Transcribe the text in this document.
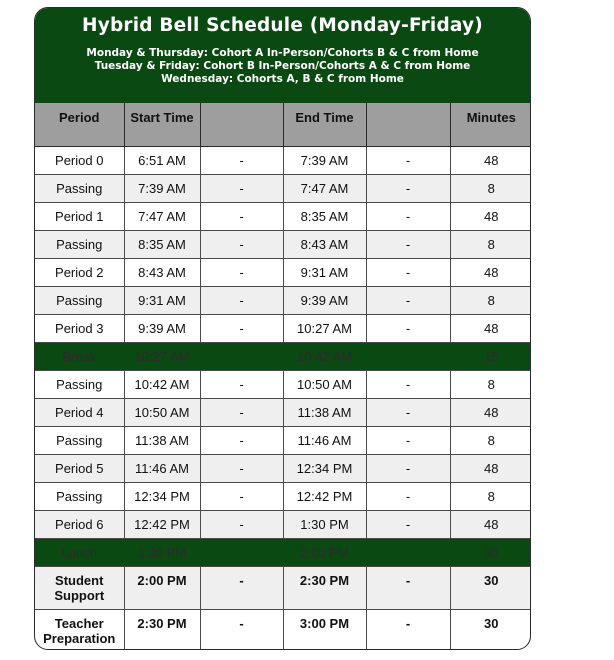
Hybrid Bell Schedule (Monday-Friday)
Monday & Thursday: Cohort A In-Person/Cohorts B & C from Home
Tuesday & Friday: Cohort B In-Person/Cohorts A & C from Home
Wednesday: Cohorts A, B & C from Home
Period	Start Time		End Time		Minutes
Period 0	6:51 AM	-	7:39 AM	-	48
Passing	7:39 AM	-	7:47 AM	-	8
Period 1	7:47 AM	-	8:35 AM	-	48
Passing	8:35 AM	-	8:43 AM	-	8
Period 2	8:43 AM	-	9:31 AM	-	48
Passing	9:31 AM	-	9:39 AM	-	8
Period 3	9:39 AM	-	10:27 AM	-	48
Break	10:27 AM	-	10:42 AM	-	15
Passing	10:42 AM	-	10:50 AM	-	8
Period 4	10:50 AM	-	11:38 AM	-	48
Passing	11:38 AM	-	11:46 AM	-	8
Period 5	11:46 AM	-	12:34 PM	-	48
Passing	12:34 PM	-	12:42 PM	-	8
Period 6	12:42 PM	-	1:30 PM	-	48
Lunch	1:30 PM	-	2:00 PM	-	30
Student Support	2:00 PM	-	2:30 PM	-	30
Teacher Preparation	2:30 PM	-	3:00 PM	-	30
